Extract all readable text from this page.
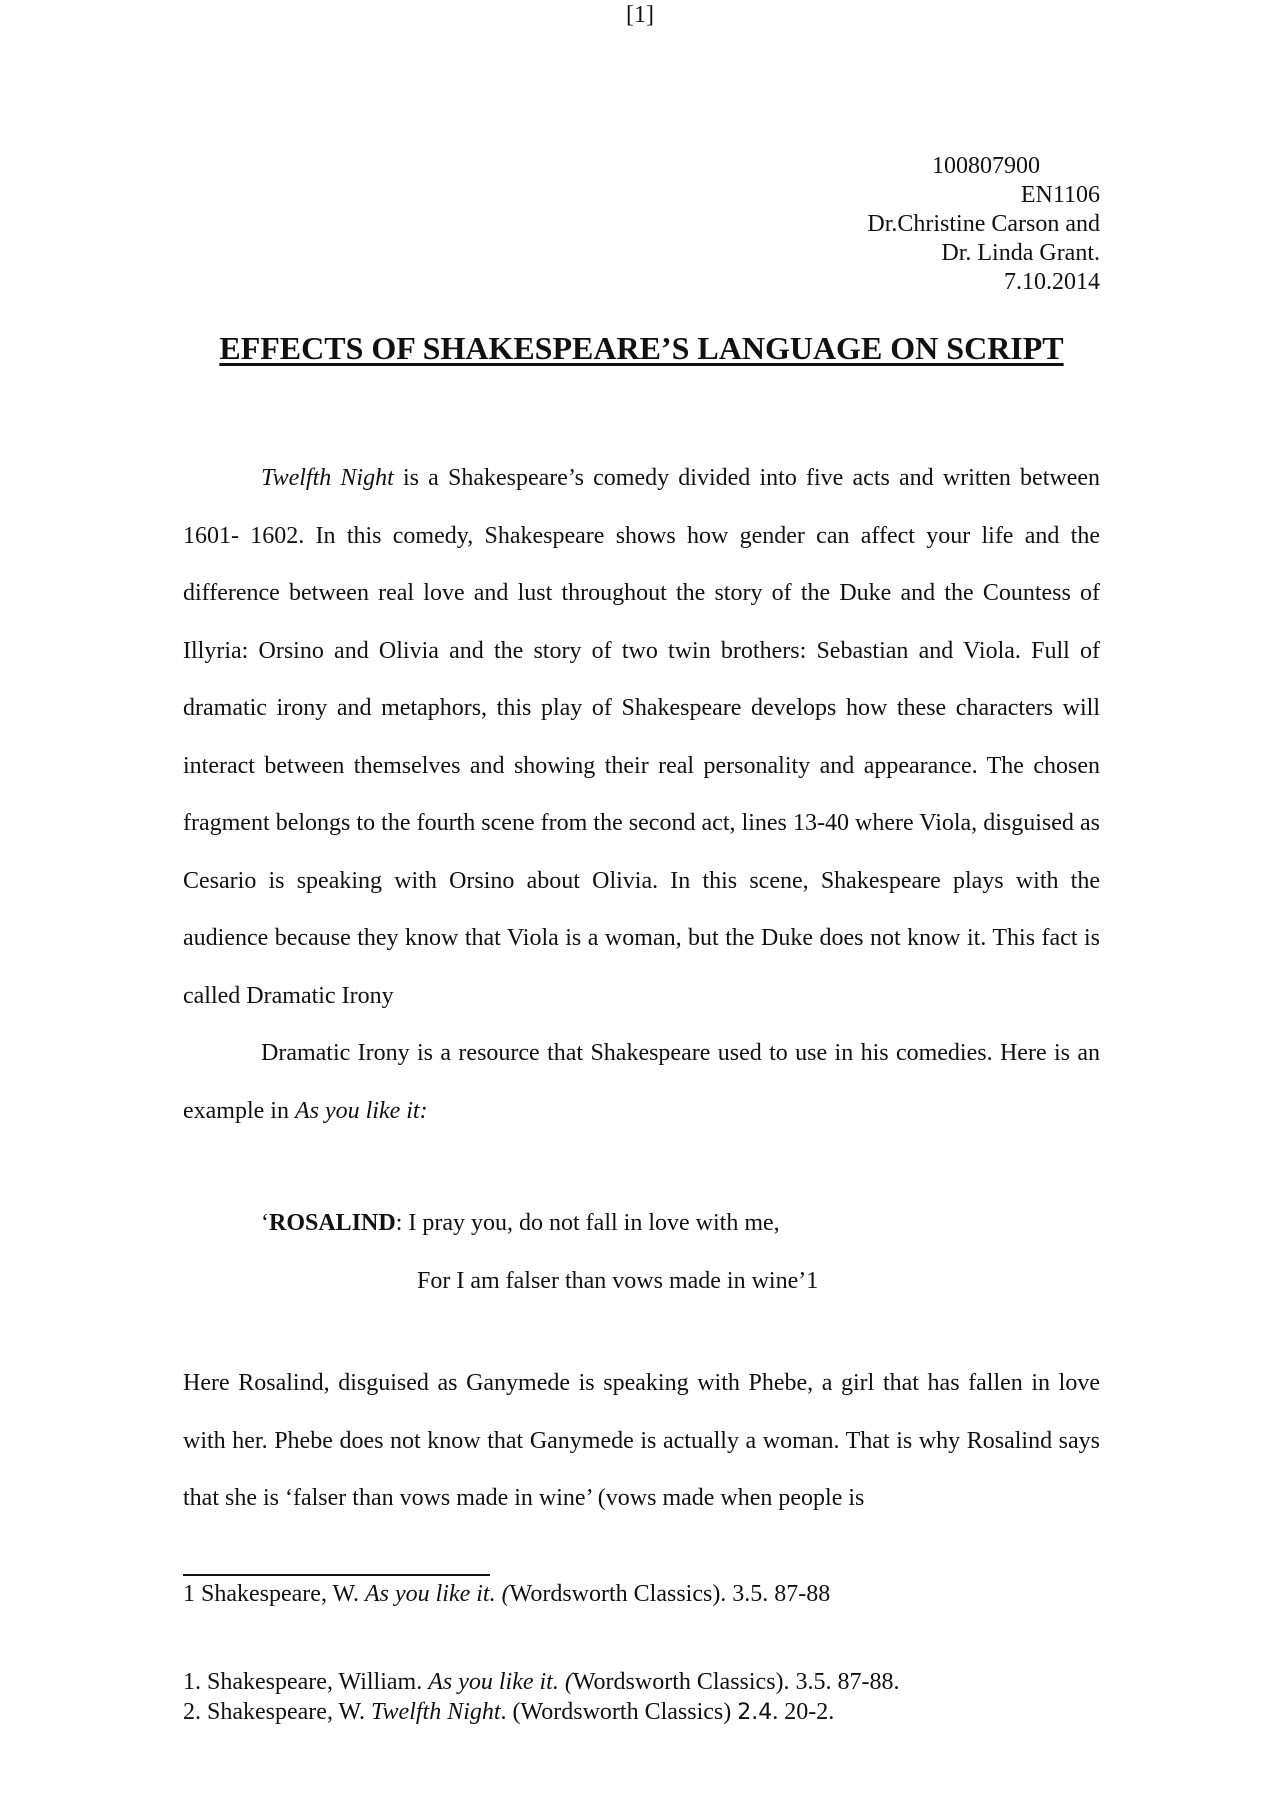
[1]
100807900
EN1106
Dr.Christine Carson and
Dr. Linda Grant.
7.10.2014
EFFECTS OF SHAKESPEARE’S LANGUAGE ON SCRIPT

Twelfth Night is a Shakespeare’s comedy divided into five acts and written between 1601- 1602. In this comedy, Shakespeare shows how gender can affect your life and the difference between real love and lust throughout the story of the Duke and the Countess of Illyria: Orsino and Olivia and the story of two twin brothers: Sebastian and Viola. Full of dramatic irony and metaphors, this play of Shakespeare develops how these characters will interact between themselves and showing their real personality and appearance. The chosen fragment belongs to the fourth scene from the second act, lines 13-40 where Viola, disguised as Cesario is speaking with Orsino about Olivia. In this scene, Shakespeare plays with the audience because they know that Viola is a woman, but the Duke does not know it. This fact is called Dramatic Irony

Dramatic Irony is a resource that Shakespeare used to use in his comedies. Here is an example in As you like it:

‘ROSALIND: I pray you, do not fall in love with me,
For I am falser than vows made in wine’1

Here Rosalind, disguised as Ganymede is speaking with Phebe, a girl that has fallen in love with her. Phebe does not know that Ganymede is actually a woman. That is why Rosalind says that she is ‘falser than vows made in wine’ (vows made when people is

1 Shakespeare, W. As you like it. (Wordsworth Classics). 3.5. 87-88
1. Shakespeare, William. As you like it. (Wordsworth Classics). 3.5. 87-88.
2. Shakespeare, W. Twelfth Night. (Wordsworth Classics) 2.4. 20-2.
